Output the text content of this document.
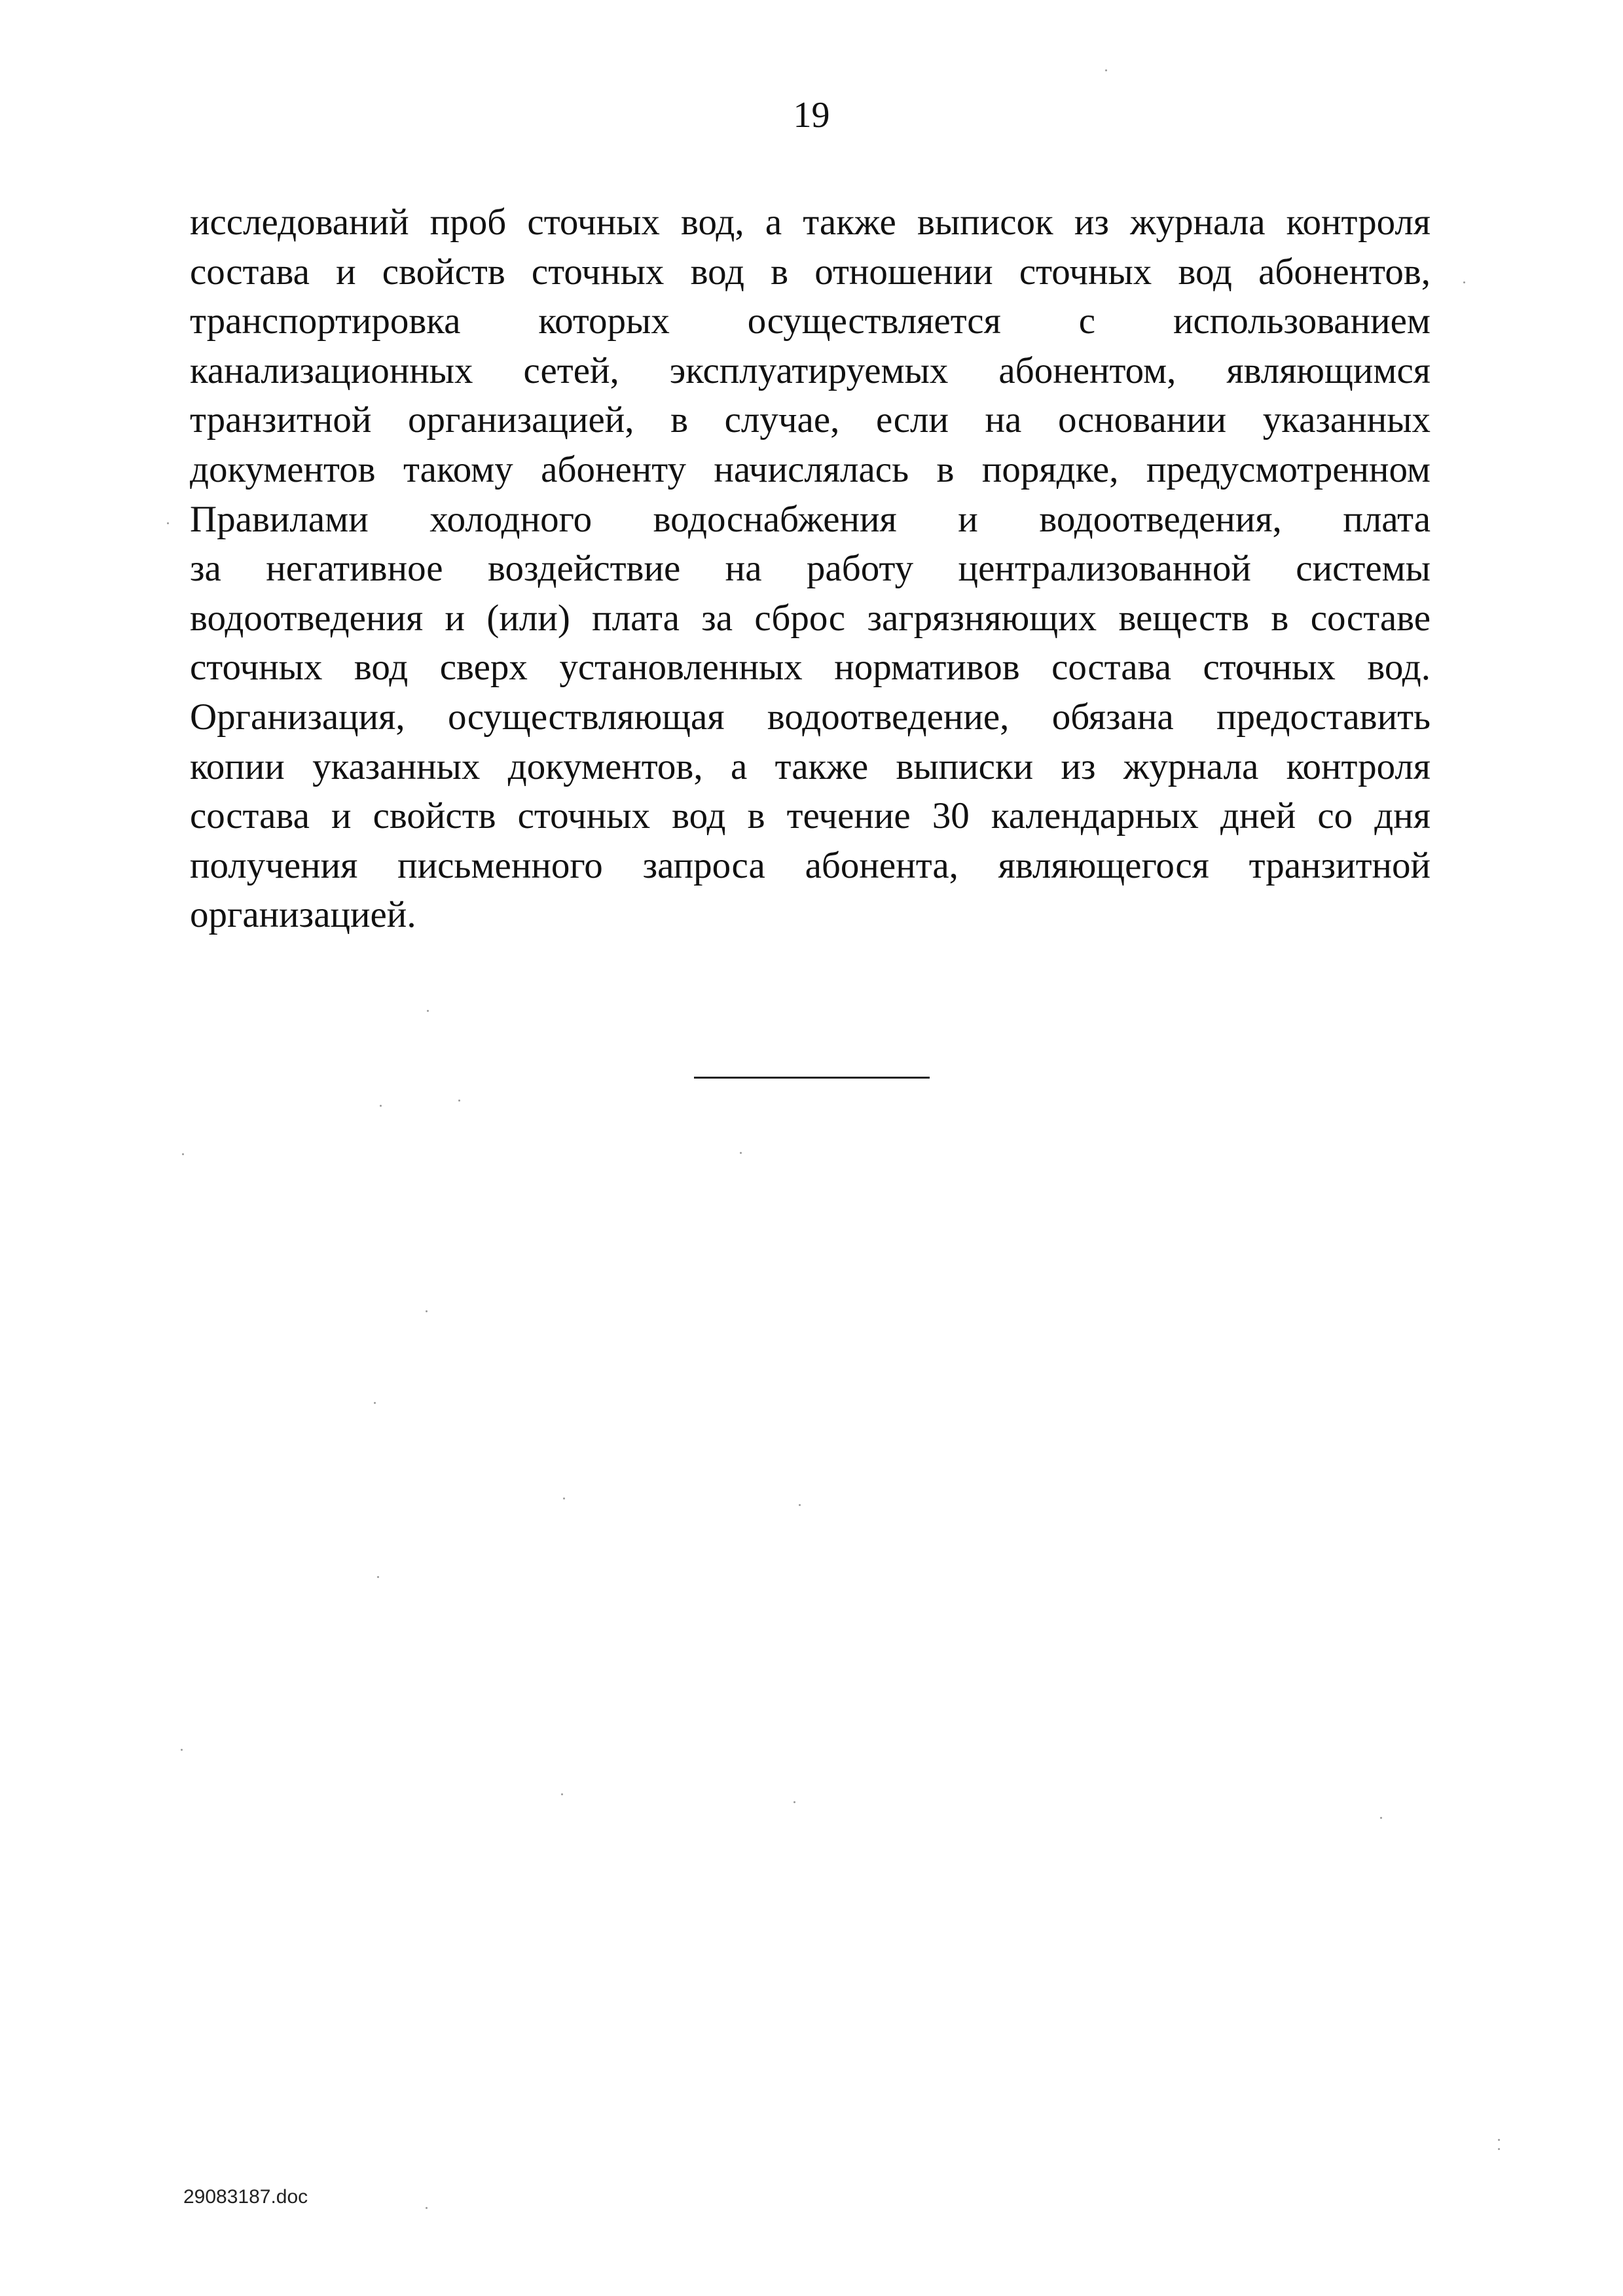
19
исследований проб сточных вод, а также выписок из журнала контроля
состава и свойств сточных вод в отношении сточных вод абонентов,
транспортировка которых осуществляется с использованием
канализационных сетей, эксплуатируемых абонентом, являющимся
транзитной организацией, в случае, если на основании указанных
документов такому абоненту начислялась в порядке, предусмотренном
Правилами холодного водоснабжения и водоотведения, плата
за негативное воздействие на работу централизованной системы
водоотведения и (или) плата за сброс загрязняющих веществ в составе
сточных вод сверх установленных нормативов состава сточных вод.
Организация, осуществляющая водоотведение, обязана предоставить
копии указанных документов, а также выписки из журнала контроля
состава и свойств сточных вод в течение 30 календарных дней со дня
получения письменного запроса абонента, являющегося транзитной
организацией.
29083187.doc
